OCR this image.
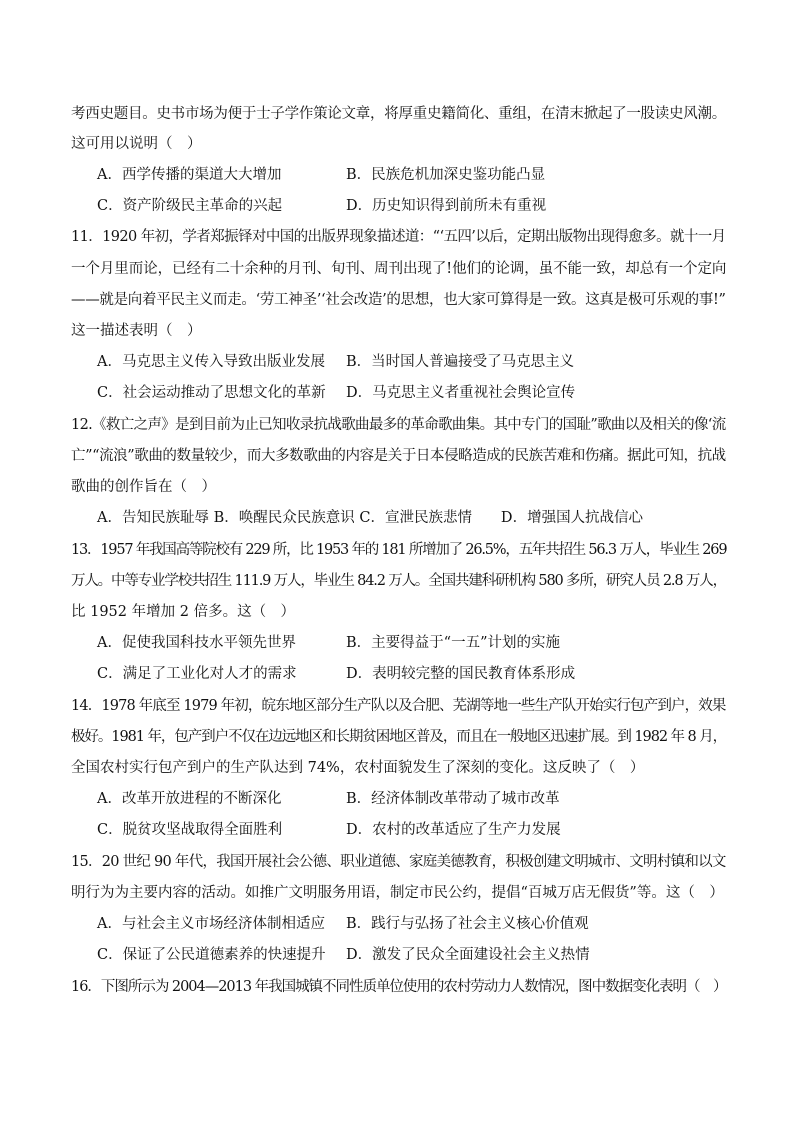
考西史题目。史书市场为便于士子学作策论文章，将厚重史籍简化、重组，在清末掀起了一股读史风潮。
这可用以说明（　）
A．西学传播的渠道大大增加	B．民族危机加深史鉴功能凸显
C．资产阶级民主革命的兴起	D．历史知识得到前所未有重视
11．1920 年初，学者郑振铎对中国的出版界现象描述道：“‘五四’以后，定期出版物出现得愈多。就十一月
一个月里而论，已经有二十余种的月刊、旬刊、周刊出现了!他们的论调，虽不能一致，却总有一个定向
——就是向着平民主义而走。‘劳工神圣’‘社会改造’的思想，也大家可算得是一致。这真是极可乐观的事!”
这一描述表明（　）
A．马克思主义传入导致出版业发展 B．当时国人普遍接受了马克思主义
C．社会运动推动了思想文化的革新 D．马克思主义者重视社会舆论宣传
12.《救亡之声》是到目前为止已知收录抗战歌曲最多的革命歌曲集。其中专门的国耻”歌曲以及相关的像‘流
亡”“流浪”歌曲的数量较少，而大多数歌曲的内容是关于日本侵略造成的民族苦难和伤痛。据此可知，抗战
歌曲的创作旨在（　）
A．告知民族耻辱 B．唤醒民众民族意识 C．宣泄民族悲情　　D．增强国人抗战信心
13．1957 年我国高等院校有 229 所，比 1953 年的 181 所增加了 26.5%，五年共招生 56.3 万人，毕业生 269
万人。中等专业学校共招生 111.9 万人，毕业生 84.2 万人。全国共建科研机构 580 多所，研究人员 2.8 万人，
比 1952 年增加 2 倍多。这（　）
A．促使我国科技水平领先世界	B．主要得益于“一五”计划的实施
C．满足了工业化对人才的需求	D．表明较完整的国民教育体系形成
14．1978 年底至 1979 年初，皖东地区部分生产队以及合肥、芜湖等地一些生产队开始实行包产到户，效果
极好。1981 年，包产到户不仅在边远地区和长期贫困地区普及，而且在一般地区迅速扩展。到 1982 年 8 月，
全国农村实行包产到户的生产队达到 74%，农村面貌发生了深刻的变化。这反映了（　）
A．改革开放进程的不断深化	B．经济体制改革带动了城市改革
C．脱贫攻坚战取得全面胜利	D．农村的改革适应了生产力发展
15．20 世纪 90 年代，我国开展社会公德、职业道德、家庭美德教育，积极创建文明城市、文明村镇和以文
明行为为主要内容的活动。如推广文明服务用语，制定市民公约，提倡“百城万店无假货”等。这（　）
A．与社会主义市场经济体制相适应 B．践行与弘扬了社会主义核心价值观
C．保证了公民道德素养的快速提升 D．激发了民众全面建设社会主义热情
16．下图所示为 2004—2013 年我国城镇不同性质单位使用的农村劳动力人数情况，图中数据变化表明（　）
